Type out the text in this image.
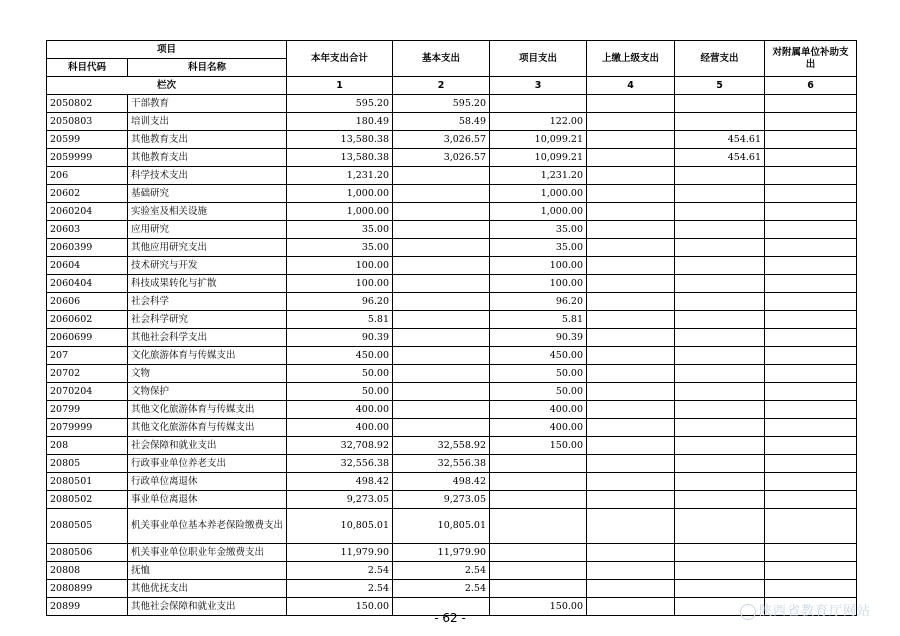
项目		本年支出合计	基本支出	项目支出	上缴上级支出	经营支出	对附属单位补助支出
科目代码	科目名称						
栏次		1	2	3	4	5	6
2050802	干部教育	595.20	595.20				
2050803	培训支出	180.49	58.49	122.00			
20599	其他教育支出	13,580.38	3,026.57	10,099.21		454.61	
2059999	其他教育支出	13,580.38	3,026.57	10,099.21		454.61	
206	科学技术支出	1,231.20		1,231.20			
20602	基础研究	1,000.00		1,000.00			
2060204	实验室及相关设施	1,000.00		1,000.00			
20603	应用研究	35.00		35.00			
2060399	其他应用研究支出	35.00		35.00			
20604	技术研究与开发	100.00		100.00			
2060404	科技成果转化与扩散	100.00		100.00			
20606	社会科学	96.20		96.20			
2060602	社会科学研究	5.81		5.81			
2060699	其他社会科学支出	90.39		90.39			
207	文化旅游体育与传媒支出	450.00		450.00			
20702	文物	50.00		50.00			
2070204	文物保护	50.00		50.00			
20799	其他文化旅游体育与传媒支出	400.00		400.00			
2079999	其他文化旅游体育与传媒支出	400.00		400.00			
208	社会保障和就业支出	32,708.92	32,558.92	150.00			
20805	行政事业单位养老支出	32,556.38	32,556.38				
2080501	行政单位离退休	498.42	498.42				
2080502	事业单位离退休	9,273.05	9,273.05				
2080505	机关事业单位基本养老保险缴费支出	10,805.01	10,805.01				
2080506	机关事业单位职业年金缴费支出	11,979.90	11,979.90				
20808	抚恤	2.54	2.54				
2080899	其他优抚支出	2.54	2.54				
20899	其他社会保障和就业支出	150.00		150.00			
- 62 -	陕西省教育厅网站
